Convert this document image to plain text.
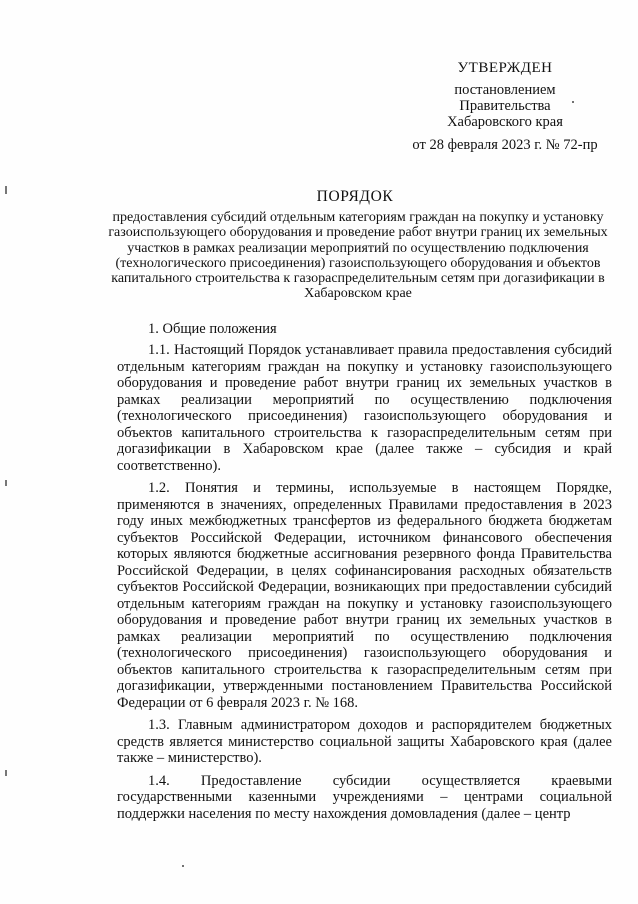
УТВЕРЖДЕН
постановлением
Правительства
Хабаровского края
от 28 февраля 2023 г. № 72-пр
ПОРЯДОК
предоставления субсидий отдельным категориям граждан на покупку и установку газоиспользующего оборудования и проведение работ внутри границ их земельных участков в рамках реализации мероприятий по осуществлению подключения (технологического присоединения) газоиспользующего оборудования и объектов капитального строительства к газораспределительным сетям при догазификации в Хабаровском крае
1. Общие положения

1.1. Настоящий Порядок устанавливает правила предоставления субсидий отдельным категориям граждан на покупку и установку газоиспользующего оборудования и проведение работ внутри границ их земельных участков в рамках реализации мероприятий по осуществлению подключения (технологического присоединения) газоиспользующего оборудования и объектов капитального строительства к газораспределительным сетям при догазификации в Хабаровском крае (далее также – субсидия и край соответственно).

1.2. Понятия и термины, используемые в настоящем Порядке, применяются в значениях, определенных Правилами предоставления в 2023 году иных межбюджетных трансфертов из федерального бюджета бюджетам субъектов Российской Федерации, источником финансового обеспечения которых являются бюджетные ассигнования резервного фонда Правительства Российской Федерации, в целях софинансирования расходных обязательств субъектов Российской Федерации, возникающих при предоставлении субсидий отдельным категориям граждан на покупку и установку газоиспользующего оборудования и проведение работ внутри границ их земельных участков в рамках реализации мероприятий по осуществлению подключения (технологического присоединения) газоиспользующего оборудования и объектов капитального строительства к газораспределительным сетям при догазификации, утвержденными постановлением Правительства Российской Федерации от 6 февраля 2023 г. № 168.

1.3. Главным администратором доходов и распорядителем бюджетных средств является министерство социальной защиты Хабаровского края (далее также – министерство).

1.4. Предоставление субсидии осуществляется краевыми государственными казенными учреждениями – центрами социальной поддержки населения по месту нахождения домовладения (далее – центр
